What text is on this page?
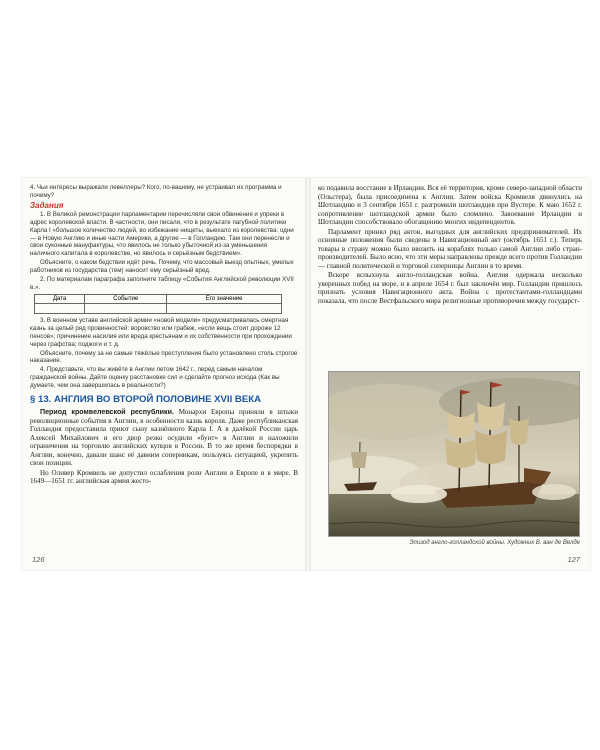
4. Чьи интересы выражали левеллеры? Кого, по-вашему, не устраивал их программа и почему?

Задания

1. В Великой ремонстрации парламентарии перечисляли свои обвинения и упреки в адрес королевской власти. В частности, они писали, что в результате пагубной политики Карла I «большое количество людей, во избежание нищеты, выехало из королевства: одни — в Новую Англию и иные части Америки, а другие — в Голландию. Там они перенесли и свои суконные мануфактуры, что явилось не только убыточной из-за уменьшения наличного капитала в королевстве, но явилось и серьёзным бедствием».

Объясните, о каком бедствии идёт речь. Почему, что массовый выезд опытных, умелых работников из государства (тем) наносит ему серьёзный вред.

2. По материалам параграфа заполните таблицу «События Английской революции XVII в.».

Дата	Событие	Его значение

3. В военном уставе английской армии «новой модели» предусматривалась смертная казнь за целый ряд провинностей: воровство или грабеж, «если вещь стоит дороже 12 пенсов»; причинение насилия или вреда крестьянам и их собственности при прохождении через графства; поджоги и т. д.

Объясните, почему за не самые тяжёлые преступления было установлено столь строгое наказание.

4. Представьте, что вы живёте в Англии летом 1642 г., перед самым началом гражданской войны. Дайте оценку расстановке сил и сделайте прогноз исхода (Как вы думаете, чем она завершилась в реальности?)

§ 13. АНГЛИЯ ВО ВТОРОЙ ПОЛОВИНЕ XVII ВЕКА

Период кромвелевской республики. Монархи Европы приняли в штыки революционные события в Англии, в особенности казнь короля. Даже республиканская Голландия предоставила приют сыну казнённого Карла I. А в далёкой России царь Алексей Михайлович и его двор резко осудили «бунт» в Англии и наложили ограничения на торговлю английских купцов в России. В то же время беспорядки в Англии, конечно, давали шанс её давним соперникам, пользуясь ситуацией, укрепить свои позиции.

Но Оливер Кромвель не допустил ослабления роли Англии в Европе и в мире. В 1649—1651 гг. английская армия жесто-

126

ко подавила восстание в Ирландии. Вся её территория, кроме северо-западной области (Ольстера), была присоединена к Англии. Затем войска Кромвеля двинулись на Шотландию и 3 сентября 1651 г. разгромили шотландцев при Вустере. К маю 1652 г. сопротивление шотландской армии было сломлено. Завоевание Ирландии и Шотландии способствовало обогащению многих индепендентов.

Парламент принял ряд актов, выгодных для английских предпринимателей. Их основные положения были сведены в Навигационный акт (октябрь 1651 г.). Теперь товары в страну можно было ввозить на кораблях только самой Англии либо стран-производителей. Было ясно, что эти меры направлены прежде всего против Голландии — главной политической и торговой соперницы Англии в то время.

Вскоре вспыхнула англо-голландская война. Англия одержала несколько уверенных побед на море, и в апреле 1654 г. был заключён мир. Голландии пришлось признать условия Навигационного акта. Война с протестантами-голландцами показала, что после Вестфальского мира религиозные противоречия между государст-

Эпизод англо-голландской войны. Художник В. ван де Велде
127
